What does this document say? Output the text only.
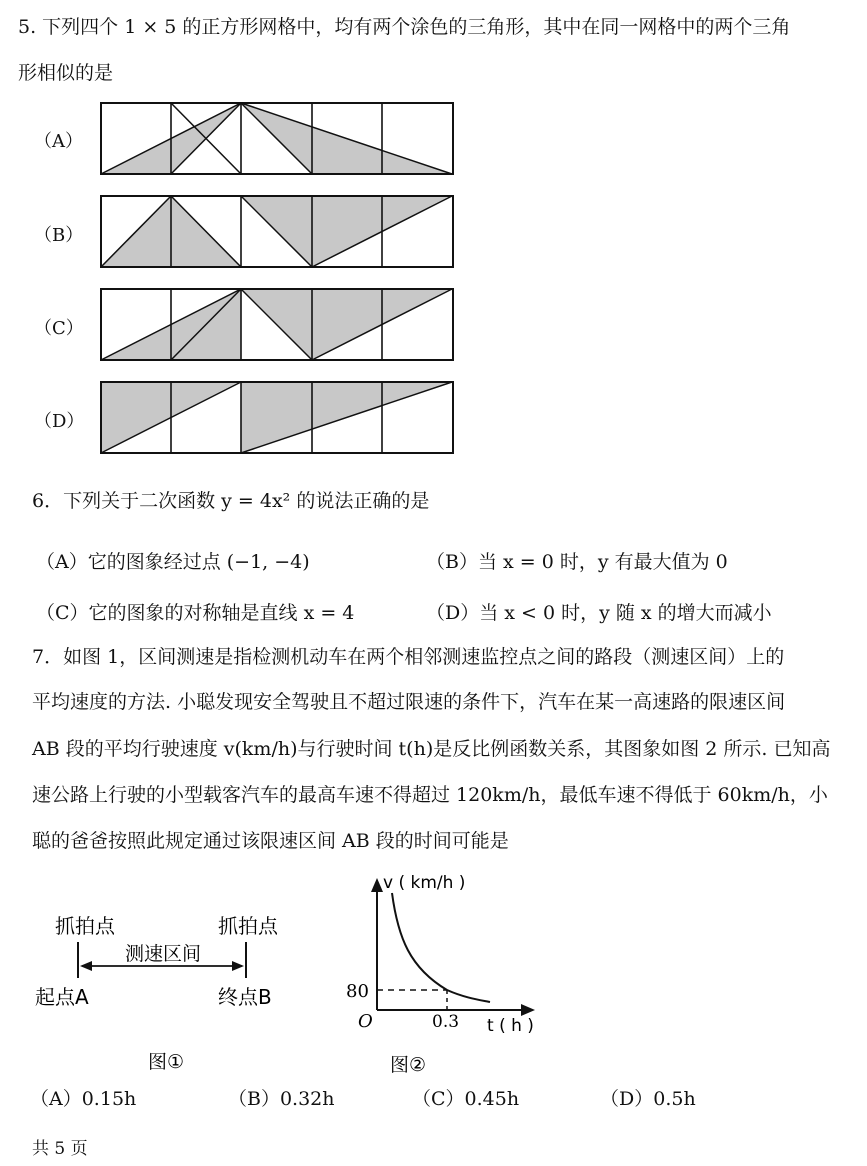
5. 下列四个 1 × 5 的正方形网格中，均有两个涂色的三角形，其中在同一网格中的两个三角
形相似的是
（A）
（B）
（C）
（D）
6．下列关于二次函数 y = 4x² 的说法正确的是
（A）它的图象经过点 (−1, −4)	（B）当 x = 0 时，y 有最大值为 0
（C）它的图象的对称轴是直线 x = 4	（D）当 x < 0 时，y 随 x 的增大而减小
7．如图 1，区间测速是指检测机动车在两个相邻测速监控点之间的路段（测速区间）上的
平均速度的方法. 小聪发现安全驾驶且不超过限速的条件下，汽车在某一高速路的限速区间
AB 段的平均行驶速度 v(km/h)与行驶时间 t(h)是反比例函数关系，其图象如图 2 所示. 已知高
速公路上行驶的小型载客汽车的最高车速不得超过 120km/h，最低车速不得低于 60km/h，小
聪的爸爸按照此规定通过该限速区间 AB 段的时间可能是
抓拍点	抓拍点
测速区间
起点A	终点B
图①
v ( km/h )
t ( h )
O
80
0.3
图②
（A）0.15h	（B）0.32h	（C）0.45h	（D）0.5h
共 5 页
